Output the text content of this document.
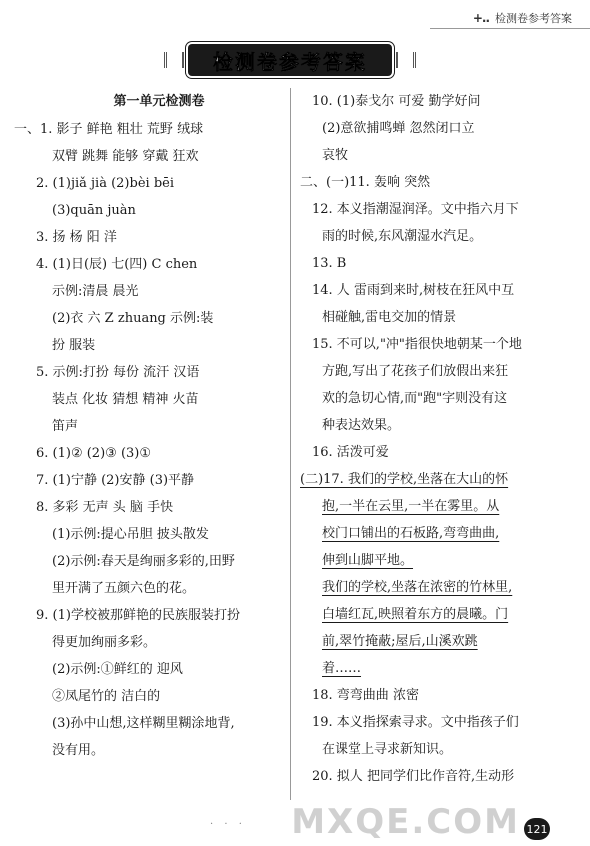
+.. 检测卷参考答案
检测卷参考答案
第一单元检测卷
一、1. 影子 鲜艳 粗壮 荒野 绒球
双臂 跳舞 能够 穿戴 狂欢
2. (1)jiǎ jià (2)bèi bēi
(3)quān juàn
3. 扬 杨 阳 洋
4. (1)日(辰) 七(四) C chen
示例:清晨 晨光
(2)衣 六 Z zhuang 示例:装
扮 服装
5. 示例:打扮 每份 流汗 汉语
装点 化妆 猜想 精神 火苗
笛声
6. (1)② (2)③ (3)①
7. (1)宁静 (2)安静 (3)平静
8. 多彩 无声 头 脑 手快
(1)示例:提心吊胆 披头散发
(2)示例:春天是绚丽多彩的,田野
里开满了五颜六色的花。
9. (1)学校被那鲜艳的民族服装打扮
得更加绚丽多彩。
(2)示例:①鲜红的 迎风
②凤尾竹的 洁白的
(3)孙中山想,这样糊里糊涂地背,
没有用。
10. (1)泰戈尔 可爱 勤学好问
(2)意欲捕鸣蝉 忽然闭口立
哀牧
二、(一)11. 轰响 突然
12. 本义指潮湿润泽。文中指六月下
雨的时候,东风潮湿水汽足。
13. B
14. 人 雷雨到来时,树枝在狂风中互
相碰触,雷电交加的情景
15. 不可以,"冲"指很快地朝某一个地
方跑,写出了花孩子们放假出来狂
欢的急切心情,而"跑"字则没有这
种表达效果。
16. 活泼可爱
(二)17. 我们的学校,坐落在大山的怀
抱,一半在云里,一半在雾里。从
校门口铺出的石板路,弯弯曲曲,
伸到山脚平地。
我们的学校,坐落在浓密的竹林里,
白墙红瓦,映照着东方的晨曦。门
前,翠竹掩蔽;屋后,山溪欢跳
着……
18. 弯弯曲曲 浓密
19. 本义指探索寻求。文中指孩子们
在课堂上寻求新知识。
20. 拟人 把同学们比作音符,生动形
· · · MXQE.COM 121
